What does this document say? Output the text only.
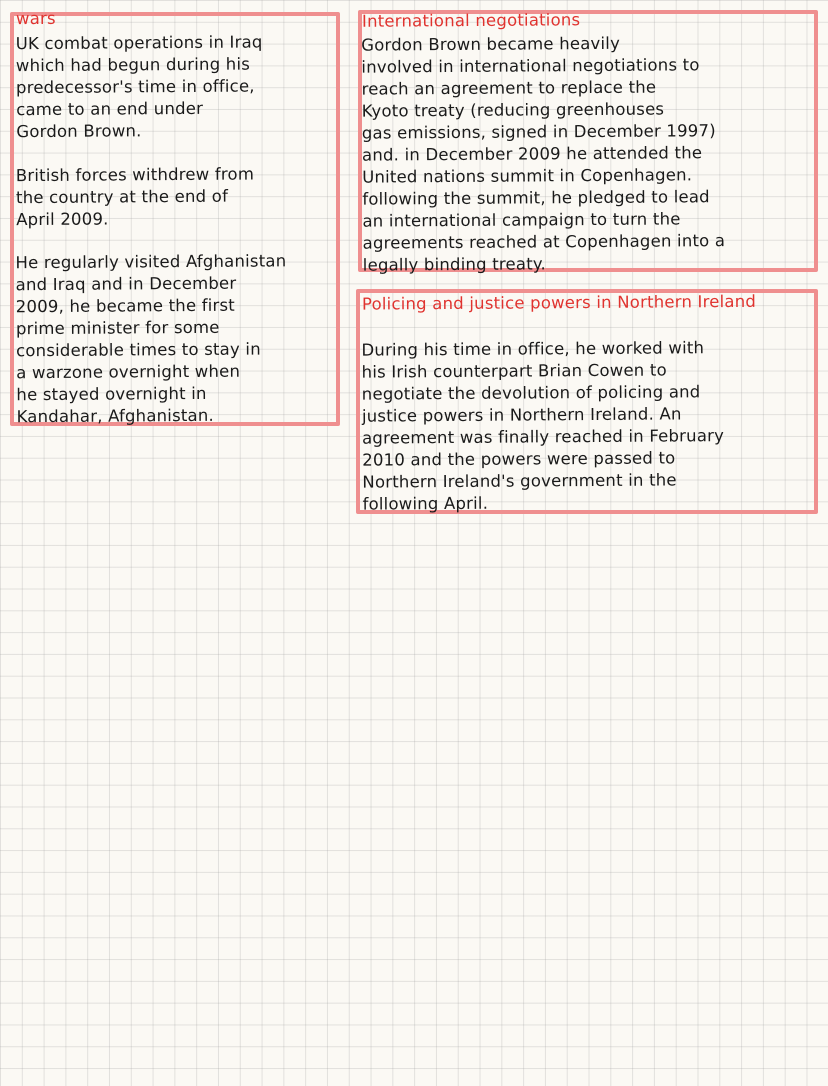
wars
UK combat operations in Iraq
which had begun during his
predecessor's time in office,
came to an end under
Gordon Brown.
British forces withdrew from
the country at the end of
April 2009.
He regularly visited Afghanistan
and Iraq and in December
2009, he became the first
prime minister for some
considerable times to stay in
a warzone overnight when
he stayed overnight in
Kandahar, Afghanistan.
International negotiations
Gordon Brown became heavily
involved in international negotiations to
reach an agreement to replace the
Kyoto treaty (reducing greenhouses
gas emissions, signed in December 1997)
and. in December 2009 he attended the
United nations summit in Copenhagen.
following the summit, he pledged to lead
an international campaign to turn the
agreements reached at Copenhagen into a
legally binding treaty.
Policing and justice powers in Northern Ireland
During his time in office, he worked with
his Irish counterpart Brian Cowen to
negotiate the devolution of policing and
justice powers in Northern Ireland. An
agreement was finally reached in February
2010 and the powers were passed to
Northern Ireland's government in the
following April.
